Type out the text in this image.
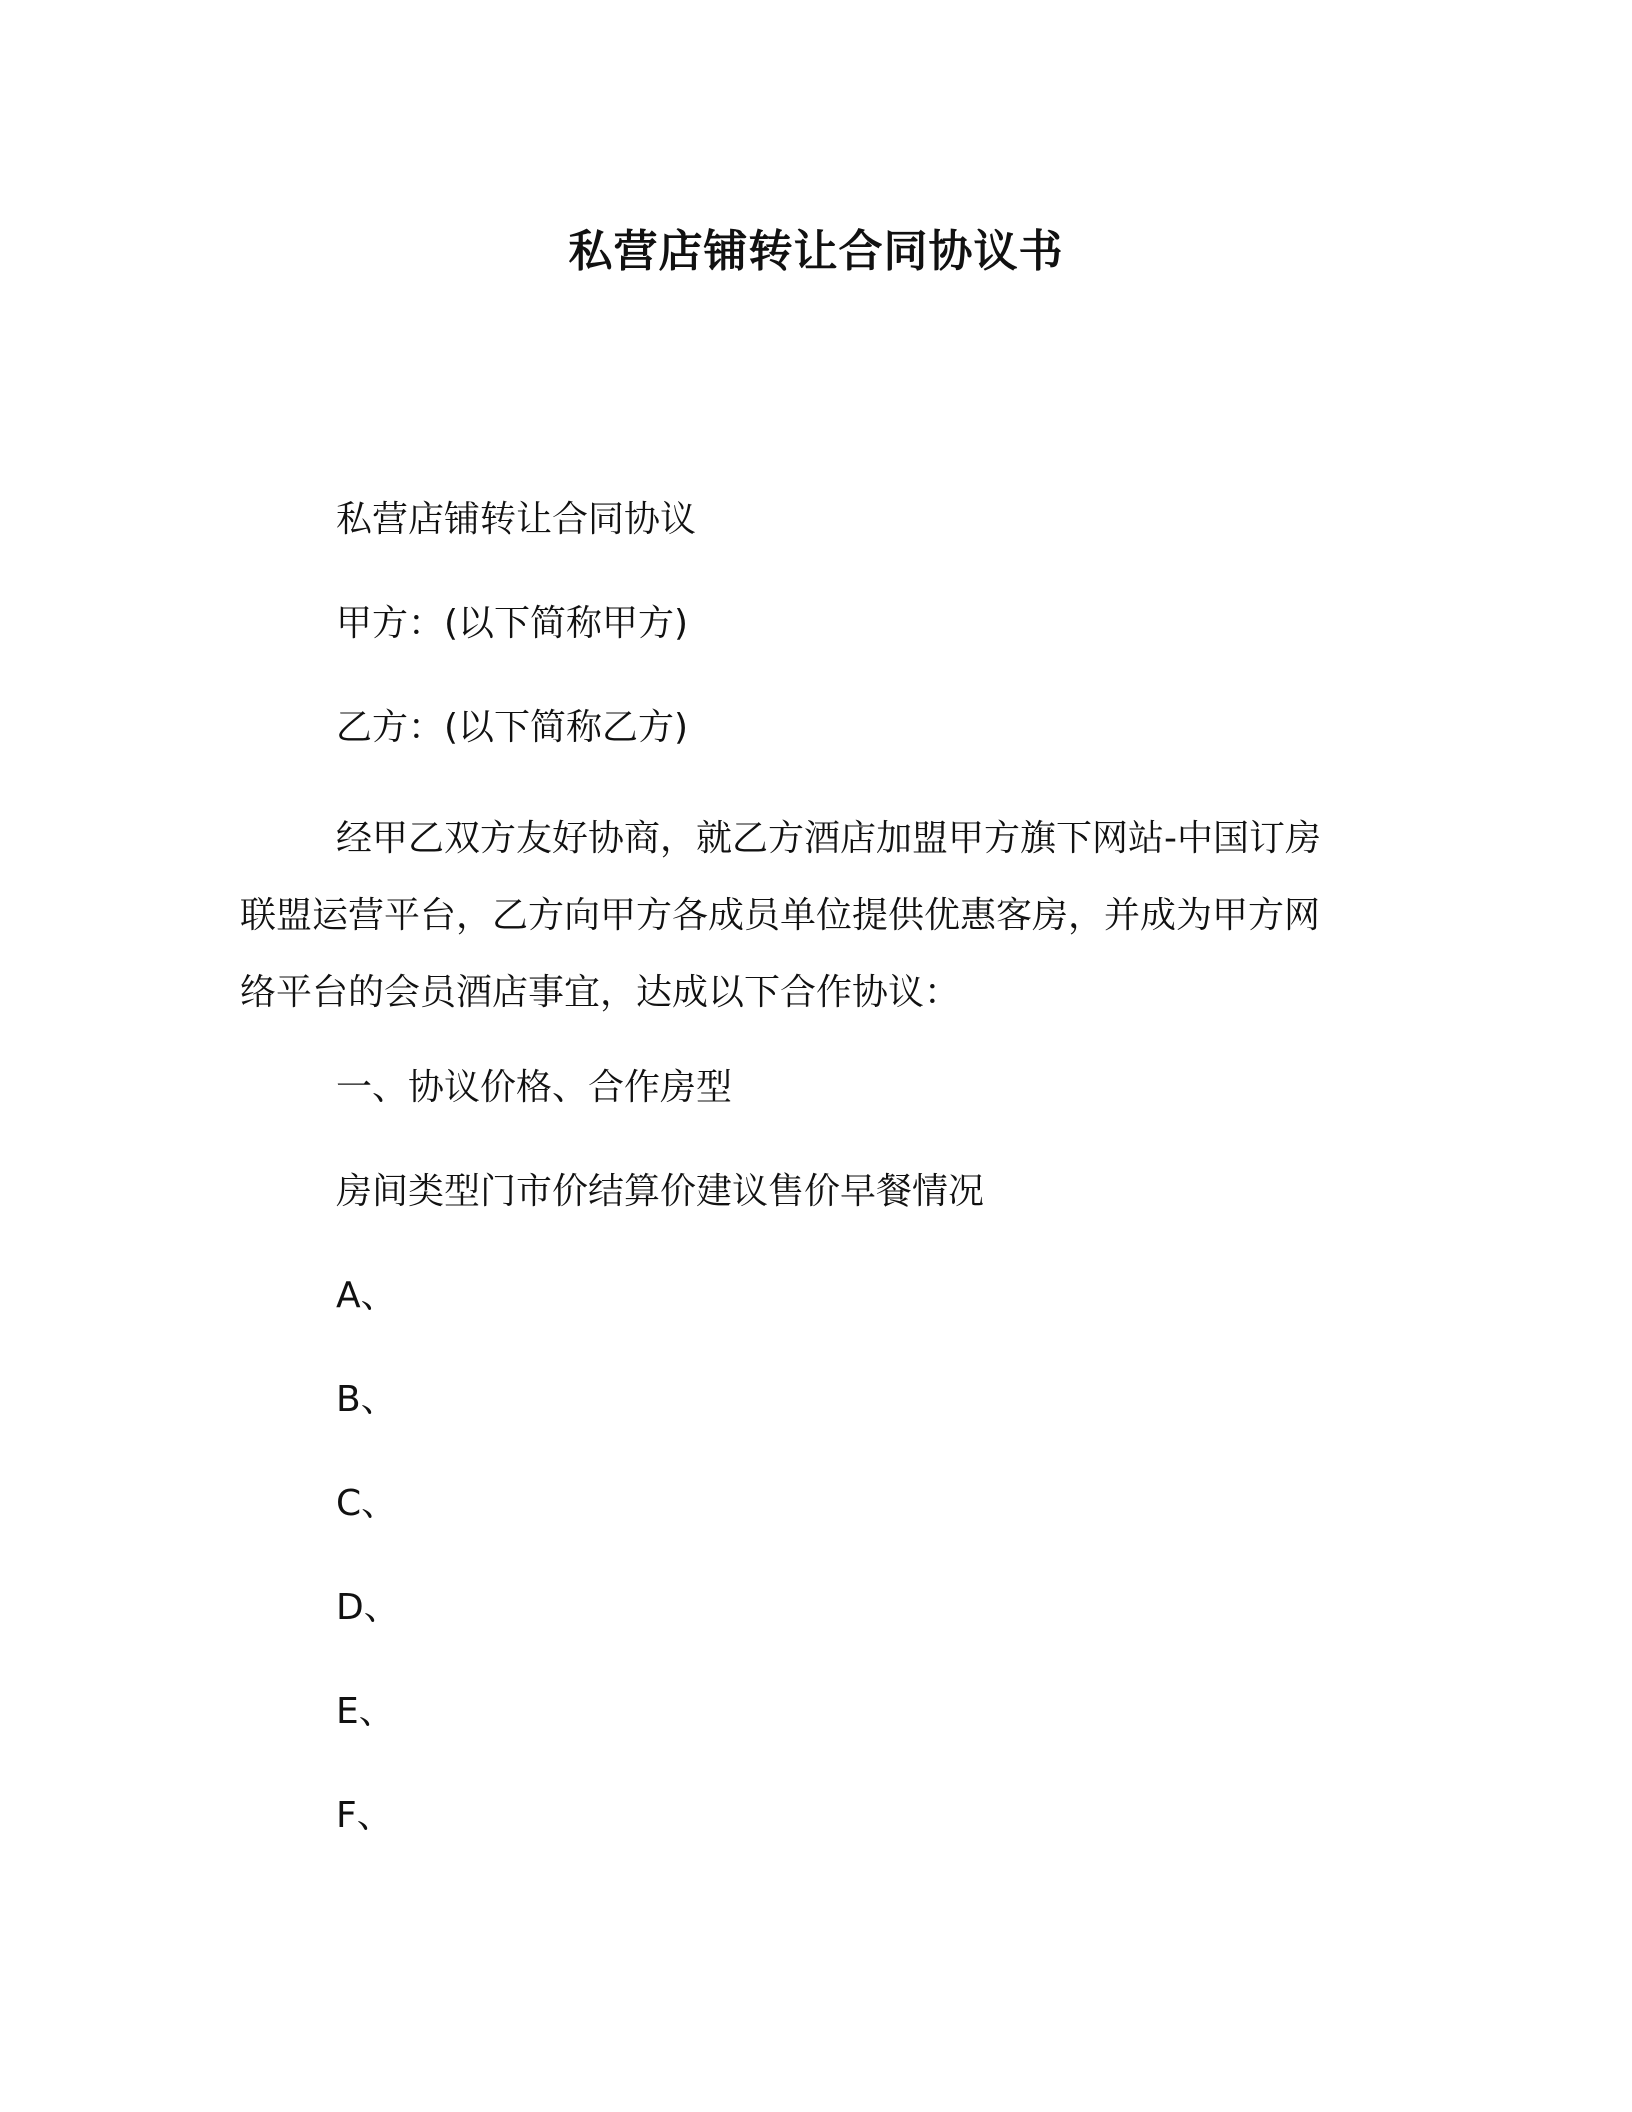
私营店铺转让合同协议书
私营店铺转让合同协议
甲方：(以下简称甲方)
乙方：(以下简称乙方)
经甲乙双方友好协商，就乙方酒店加盟甲方旗下网站-中国订房
联盟运营平台，乙方向甲方各成员单位提供优惠客房，并成为甲方网
络平台的会员酒店事宜，达成以下合作协议：
一、协议价格、合作房型
房间类型门市价结算价建议售价早餐情况
A、
B、
C、
D、
E、
F、
